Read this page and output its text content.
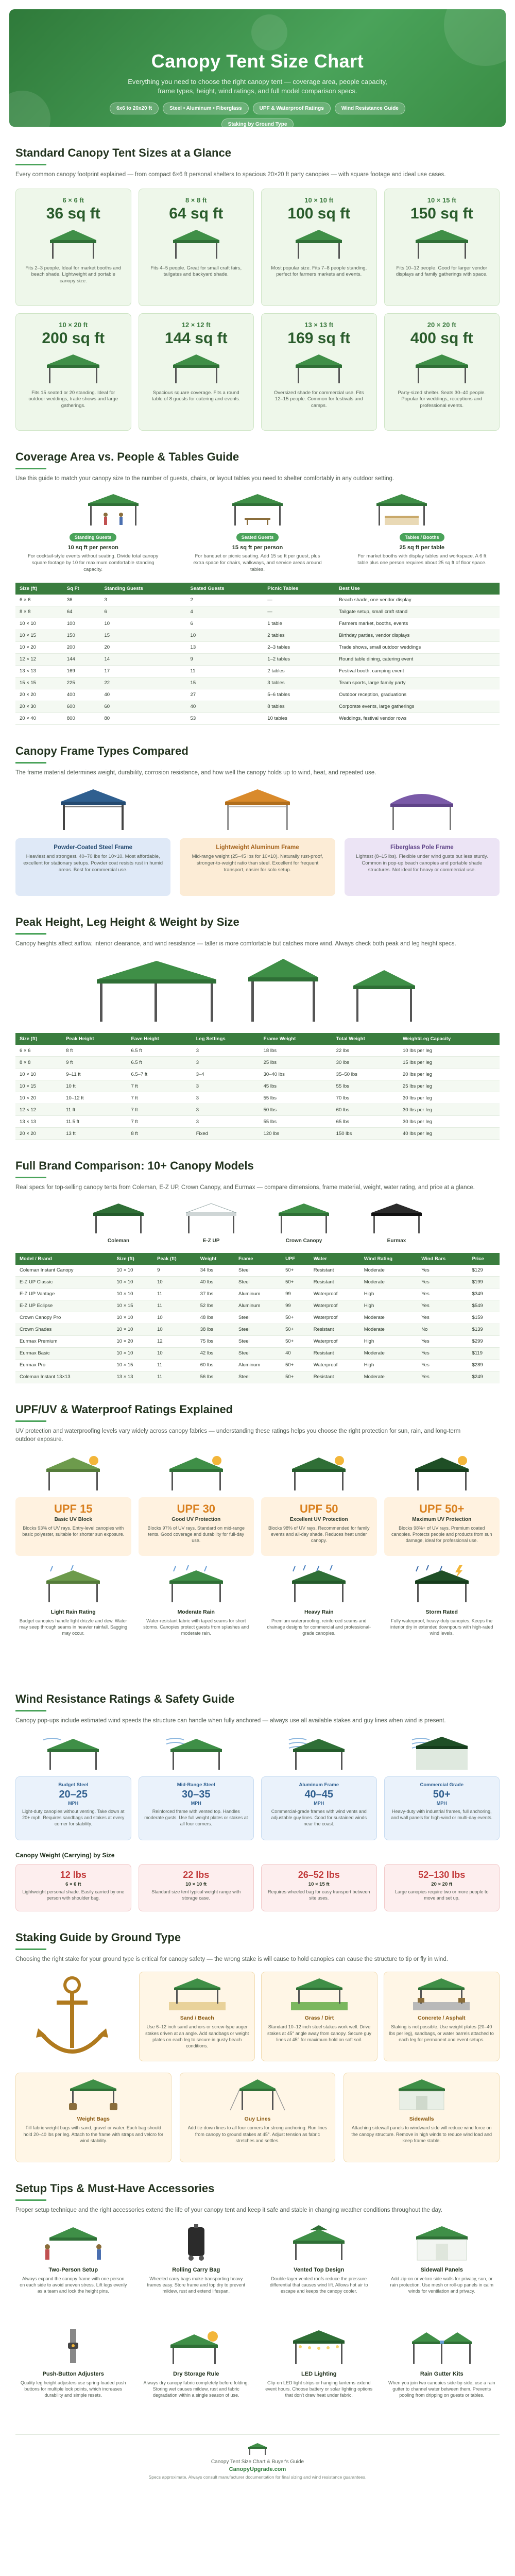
Canopy Tent Size Chart
Everything you need to choose the right canopy tent — coverage area, people capacity, frame types, height, wind ratings, and full model comparison specs.
6x6 to 20x20 ft	Steel • Aluminum • Fiberglass	UPF & Waterproof Ratings	Wind Resistance Guide
Staking by Ground Type
Standard Canopy Tent Sizes at a Glance
Every common canopy footprint explained — from compact 6×6 ft personal shelters to spacious 20×20 ft party canopies — with square footage and ideal use cases.
6 × 6 ft
36 sq ft
Fits 2–3 people. Ideal for market booths and beach shade. Lightweight and portable canopy size.
8 × 8 ft
64 sq ft
Fits 4–5 people. Great for small craft fairs, tailgates and backyard shade.
10 × 10 ft
100 sq ft
Most popular size. Fits 7–8 people standing, perfect for farmers markets and events.
10 × 15 ft
150 sq ft
Fits 10–12 people. Good for larger vendor displays and family gatherings with space.
10 × 20 ft
200 sq ft
Fits 15 seated or 20 standing. Ideal for outdoor weddings, trade shows and large gatherings.
12 × 12 ft
144 sq ft
Spacious square coverage. Fits a round table of 8 guests for catering and events.
13 × 13 ft
169 sq ft
Oversized shade for commercial use. Fits 12–15 people. Common for festivals and camps.
20 × 20 ft
400 sq ft
Party-sized shelter. Seats 30–40 people. Popular for weddings, receptions and professional events.
Coverage Area vs. People & Tables Guide
Use this guide to match your canopy size to the number of guests, chairs, or layout tables you need to shelter comfortably in any outdoor setting.
Standing Guests
10 sq ft per person
For cocktail-style events without seating. Divide total canopy square footage by 10 for maximum comfortable standing capacity.
Seated Guests
15 sq ft per person
For banquet or picnic seating. Add 15 sq ft per guest, plus extra space for chairs, walkways, and service areas around tables.
Tables / Booths
25 sq ft per table
For market booths with display tables and workspace. A 6 ft table plus one person requires about 25 sq ft of floor space.
Size (ft)	Sq Ft	Standing Guests	Seated Guests	Picnic Tables	Best Use
6 × 6	36	3	2	—	Beach shade, one vendor display
8 × 8	64	6	4	—	Tailgate setup, small craft stand
10 × 10	100	10	6	1 table	Farmers market, booths, events
10 × 15	150	15	10	2 tables	Birthday parties, vendor displays
10 × 20	200	20	13	2–3 tables	Trade shows, small outdoor weddings
12 × 12	144	14	9	1–2 tables	Round table dining, catering event
13 × 13	169	17	11	2 tables	Festival booth, camping event
15 × 15	225	22	15	3 tables	Team sports, large family party
20 × 20	400	40	27	5–6 tables	Outdoor reception, graduations
20 × 30	600	60	40	8 tables	Corporate events, large gatherings
20 × 40	800	80	53	10 tables	Weddings, festival vendor rows
Canopy Frame Types Compared
The frame material determines weight, durability, corrosion resistance, and how well the canopy holds up to wind, heat, and repeated use.
Powder-Coated Steel Frame
Heaviest and strongest. 40–70 lbs for 10×10. Most affordable, excellent for stationary setups. Powder coat resists rust in humid areas. Best for commercial use.
Lightweight Aluminum Frame
Mid-range weight (25–45 lbs for 10×10). Naturally rust-proof, stronger-to-weight ratio than steel. Excellent for frequent transport, easier for solo setup.
Fiberglass Pole Frame
Lightest (8–15 lbs). Flexible under wind gusts but less sturdy. Common in pop-up beach canopies and portable shade structures. Not ideal for heavy or commercial use.
Peak Height, Leg Height & Weight by Size
Canopy heights affect airflow, interior clearance, and wind resistance — taller is more comfortable but catches more wind. Always check both peak and leg height specs.
Size (ft)	Peak Height	Eave Height	Leg Settings	Frame Weight	Total Weight	Weight/Leg Capacity
6 × 6	8 ft	6.5 ft	3	18 lbs	22 lbs	10 lbs per leg
8 × 8	9 ft	6.5 ft	3	25 lbs	30 lbs	15 lbs per leg
10 × 10	9–11 ft	6.5–7 ft	3–4	30–40 lbs	35–50 lbs	20 lbs per leg
10 × 15	10 ft	7 ft	3	45 lbs	55 lbs	25 lbs per leg
10 × 20	10–12 ft	7 ft	3	55 lbs	70 lbs	30 lbs per leg
12 × 12	11 ft	7 ft	3	50 lbs	60 lbs	30 lbs per leg
13 × 13	11.5 ft	7 ft	3	55 lbs	65 lbs	30 lbs per leg
20 × 20	13 ft	8 ft	Fixed	120 lbs	150 lbs	40 lbs per leg
Full Brand Comparison: 10+ Canopy Models
Real specs for top-selling canopy tents from Coleman, E-Z UP, Crown Canopy, and Eurmax — compare dimensions, frame material, weight, water rating, and price at a glance.
Coleman	E-Z UP	Crown Canopy	Eurmax
Model / Brand	Size (ft)	Peak (ft)	Weight	Frame	UPF	Water	Wind Rating	Wind Bars	Price
Coleman Instant Canopy	10 × 10	9	34 lbs	Steel	50+	Resistant	Moderate	Yes	$129
E-Z UP Classic	10 × 10	10	40 lbs	Steel	50+	Resistant	Moderate	Yes	$199
E-Z UP Vantage	10 × 10	11	37 lbs	Aluminum	99	Waterproof	High	Yes	$349
E-Z UP Eclipse	10 × 15	11	52 lbs	Aluminum	99	Waterproof	High	Yes	$549
Crown Canopy Pro	10 × 10	10	48 lbs	Steel	50+	Waterproof	Moderate	Yes	$159
Crown Shades	10 × 10	10	38 lbs	Steel	50+	Resistant	Moderate	No	$139
Eurmax Premium	10 × 20	12	75 lbs	Steel	50+	Waterproof	High	Yes	$299
Eurmax Basic	10 × 10	10	42 lbs	Steel	40	Resistant	Moderate	Yes	$119
Eurmax Pro	10 × 15	11	60 lbs	Aluminum	50+	Waterproof	High	Yes	$289
Coleman Instant 13×13	13 × 13	11	56 lbs	Steel	50+	Resistant	Moderate	Yes	$249
UPF/UV & Waterproof Ratings Explained
UV protection and waterproofing levels vary widely across canopy fabrics — understanding these ratings helps you choose the right protection for sun, rain, and long-term outdoor exposure.
UPF 15
Basic UV Block
Blocks 93% of UV rays. Entry-level canopies with basic polyester, suitable for shorter sun exposure.
UPF 30
Good UV Protection
Blocks 97% of UV rays. Standard on mid-range tents. Good coverage and durability for full-day use.
UPF 50
Excellent UV Protection
Blocks 98% of UV rays. Recommended for family events and all-day shade. Reduces heat under canopy.
UPF 50+
Maximum UV Protection
Blocks 98%+ of UV rays. Premium coated canopies. Protects people and products from sun damage, ideal for professional use.
Light Rain Rating
Budget canopies handle light drizzle and dew. Water may seep through seams in heavier rainfall. Sagging may occur.
Moderate Rain
Water-resistant fabric with taped seams for short storms. Canopies protect guests from splashes and moderate rain.
Heavy Rain
Premium waterproofing, reinforced seams and drainage designs for commercial and professional-grade canopies.
Storm Rated
Fully waterproof, heavy-duty canopies. Keeps the interior dry in extended downpours with high-rated wind levels.
Wind Resistance Ratings & Safety Guide
Canopy pop-ups include estimated wind speeds the structure can handle when fully anchored — always use all available stakes and guy lines when wind is present.
Budget Steel
20–25
MPH
Light-duty canopies without venting. Take down at 20+ mph. Requires sandbags and stakes at every corner for stability.
Mid-Range Steel
30–35
MPH
Reinforced frame with vented top. Handles moderate gusts. Use full weight plates or stakes at all four corners.
Aluminum Frame
40–45
MPH
Commercial-grade frames with wind vents and adjustable guy lines. Good for sustained winds near the coast.
Commercial Grade
50+
MPH
Heavy-duty with industrial frames, full anchoring, and wall panels for high-wind or multi-day events.
Canopy Weight (Carrying) by Size
12 lbs
6 × 6 ft
Lightweight personal shade. Easily carried by one person with shoulder bag.
22 lbs
10 × 10 ft
Standard size tent typical weight range with storage case.
26–52 lbs
10 × 15 ft
Requires wheeled bag for easy transport between site uses.
52–130 lbs
20 × 20 ft
Large canopies require two or more people to move and set up.
Staking Guide by Ground Type
Choosing the right stake for your ground type is critical for canopy safety — the wrong stake is will cause to hold canopies can cause the structure to tip or fly in wind.
Sand / Beach
Use 6–12 inch sand anchors or screw-type auger stakes driven at an angle. Add sandbags or weight plates on each leg to secure in gusty beach conditions.
Grass / Dirt
Standard 10–12 inch steel stakes work well. Drive stakes at 45° angle away from canopy. Secure guy lines at 45° for maximum hold on soft soil.
Concrete / Asphalt
Staking is not possible. Use weight plates (20–40 lbs per leg), sandbags, or water barrels attached to each leg for permanent and event setups.
Weight Bags
Fill fabric weight bags with sand, gravel or water. Each bag should hold 20–40 lbs per leg. Attach to the frame with straps and velcro for wind stability.
Guy Lines
Add tie-down lines to all four corners for strong anchoring. Run lines from canopy to ground stakes at 45°. Adjust tension as fabric stretches and settles.
Sidewalls
Attaching sidewall panels to windward side will reduce wind force on the canopy structure. Remove in high winds to reduce wind load and keep frame stable.
Setup Tips & Must-Have Accessories
Proper setup technique and the right accessories extend the life of your canopy tent and keep it safe and stable in changing weather conditions throughout the day.
Two-Person Setup
Always expand the canopy frame with one person on each side to avoid uneven stress. Lift legs evenly as a team and lock the height pins.
Rolling Carry Bag
Wheeled carry bags make transporting heavy frames easy. Store frame and top dry to prevent mildew, rust and extend lifespan.
Vented Top Design
Double-layer vented roofs reduce the pressure differential that causes wind lift. Allows hot air to escape and keeps the canopy cooler.
Sidewall Panels
Add zip-on or velcro side walls for privacy, sun, or rain protection. Use mesh or roll-up panels in calm winds for ventilation and privacy.
Push-Button Adjusters
Quality leg height adjusters use spring-loaded push buttons for multiple lock points, which increases durability and simple resets.
Dry Storage Rule
Always dry canopy fabric completely before folding. Storing wet causes mildew, rust and fabric degradation within a single season of use.
LED Lighting
Clip-on LED light strips or hanging lanterns extend event hours. Choose battery or solar lighting options that don't draw heat under fabric.
Rain Gutter Kits
When you join two canopies side-by-side, use a rain gutter to channel water between them. Prevents pooling from dripping on guests or tables.
Canopy Tent Size Chart & Buyer's Guide
CanopyUpgrade.com
Specs approximate. Always consult manufacturer documentation for final sizing and wind resistance guarantees.
